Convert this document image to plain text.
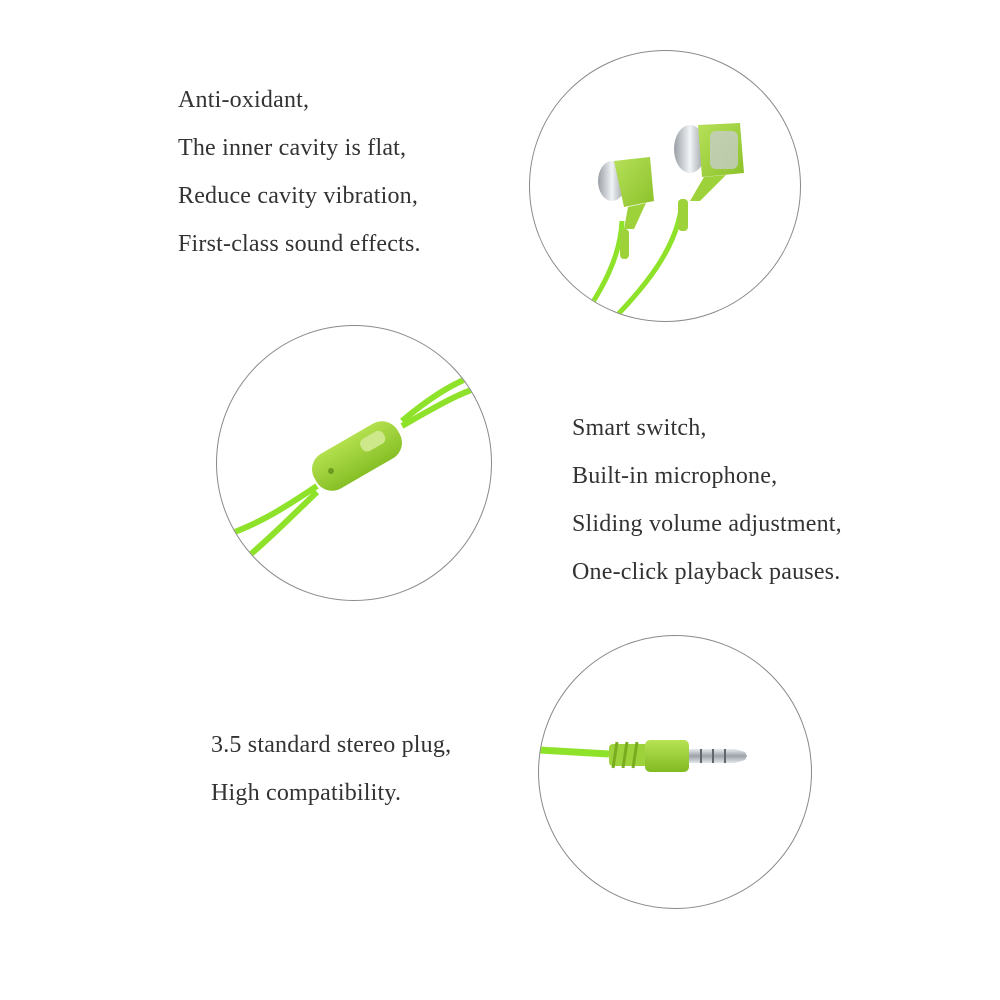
Anti-oxidant,
The inner cavity is flat,
Reduce cavity vibration,
First-class sound effects.
Smart switch,
Built-in microphone,
Sliding volume adjustment,
One-click playback pauses.
3.5 standard stereo plug,
High compatibility.
